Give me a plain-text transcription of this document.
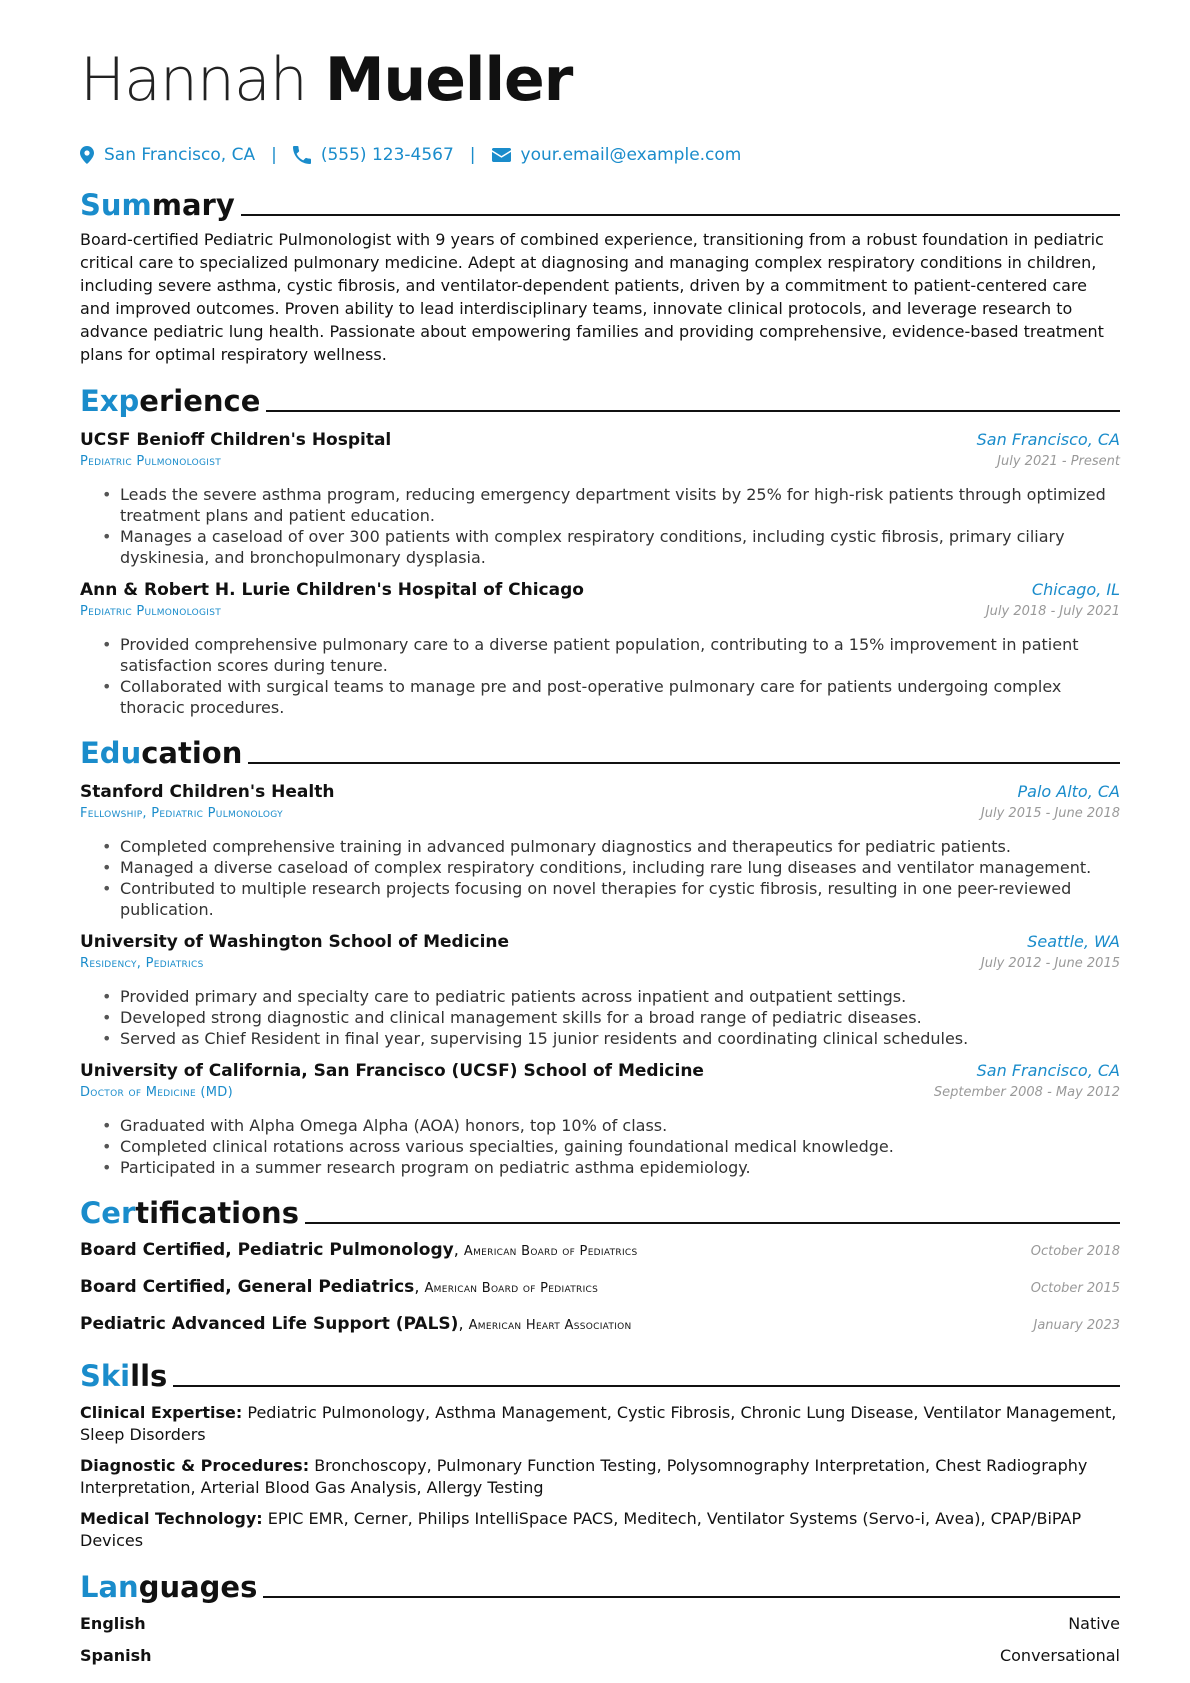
Hannah Mueller
San Francisco, CA |	(555) 123-4567 |	your.email@example.com
Summary

Board-certified Pediatric Pulmonologist with 9 years of combined experience, transitioning from a robust foundation in pediatric critical care to specialized pulmonary medicine. Adept at diagnosing and managing complex respiratory conditions in children, including severe asthma, cystic fibrosis, and ventilator-dependent patients, driven by a commitment to patient-centered care and improved outcomes. Proven ability to lead interdisciplinary teams, innovate clinical protocols, and leverage research to advance pediatric lung health. Passionate about empowering families and providing comprehensive, evidence-based treatment plans for optimal respiratory wellness.

Experience
UCSF Benioff Children's Hospital	San Francisco, CA
Pediatric Pulmonologist	July 2021 - Present
• Leads the severe asthma program, reducing emergency department visits by 25% for high-risk patients through optimized treatment plans and patient education.
• Manages a caseload of over 300 patients with complex respiratory conditions, including cystic fibrosis, primary ciliary dyskinesia, and bronchopulmonary dysplasia.
Ann & Robert H. Lurie Children's Hospital of Chicago	Chicago, IL
Pediatric Pulmonologist	July 2018 - July 2021
• Provided comprehensive pulmonary care to a diverse patient population, contributing to a 15% improvement in patient satisfaction scores during tenure.
• Collaborated with surgical teams to manage pre and post-operative pulmonary care for patients undergoing complex thoracic procedures.
Education
Stanford Children's Health	Palo Alto, CA
Fellowship, Pediatric Pulmonology	July 2015 - June 2018
• Completed comprehensive training in advanced pulmonary diagnostics and therapeutics for pediatric patients.
• Managed a diverse caseload of complex respiratory conditions, including rare lung diseases and ventilator management.
• Contributed to multiple research projects focusing on novel therapies for cystic fibrosis, resulting in one peer-reviewed publication.
University of Washington School of Medicine	Seattle, WA
Residency, Pediatrics	July 2012 - June 2015
• Provided primary and specialty care to pediatric patients across inpatient and outpatient settings.
• Developed strong diagnostic and clinical management skills for a broad range of pediatric diseases.
• Served as Chief Resident in final year, supervising 15 junior residents and coordinating clinical schedules.
University of California, San Francisco (UCSF) School of Medicine	San Francisco, CA
Doctor of Medicine (MD)	September 2008 - May 2012
• Graduated with Alpha Omega Alpha (AOA) honors, top 10% of class.
• Completed clinical rotations across various specialties, gaining foundational medical knowledge.
• Participated in a summer research program on pediatric asthma epidemiology.
Certifications
Board Certified, Pediatric Pulmonology, American Board of Pediatrics	October 2018
Board Certified, General Pediatrics, American Board of Pediatrics	October 2015
Pediatric Advanced Life Support (PALS), American Heart Association	January 2023
Skills

Clinical Expertise: Pediatric Pulmonology, Asthma Management, Cystic Fibrosis, Chronic Lung Disease, Ventilator Management, Sleep Disorders

Diagnostic & Procedures: Bronchoscopy, Pulmonary Function Testing, Polysomnography Interpretation, Chest Radiography Interpretation, Arterial Blood Gas Analysis, Allergy Testing

Medical Technology: EPIC EMR, Cerner, Philips IntelliSpace PACS, Meditech, Ventilator Systems (Servo-i, Avea), CPAP/BiPAP Devices

Languages
English	Native
Spanish	Conversational
